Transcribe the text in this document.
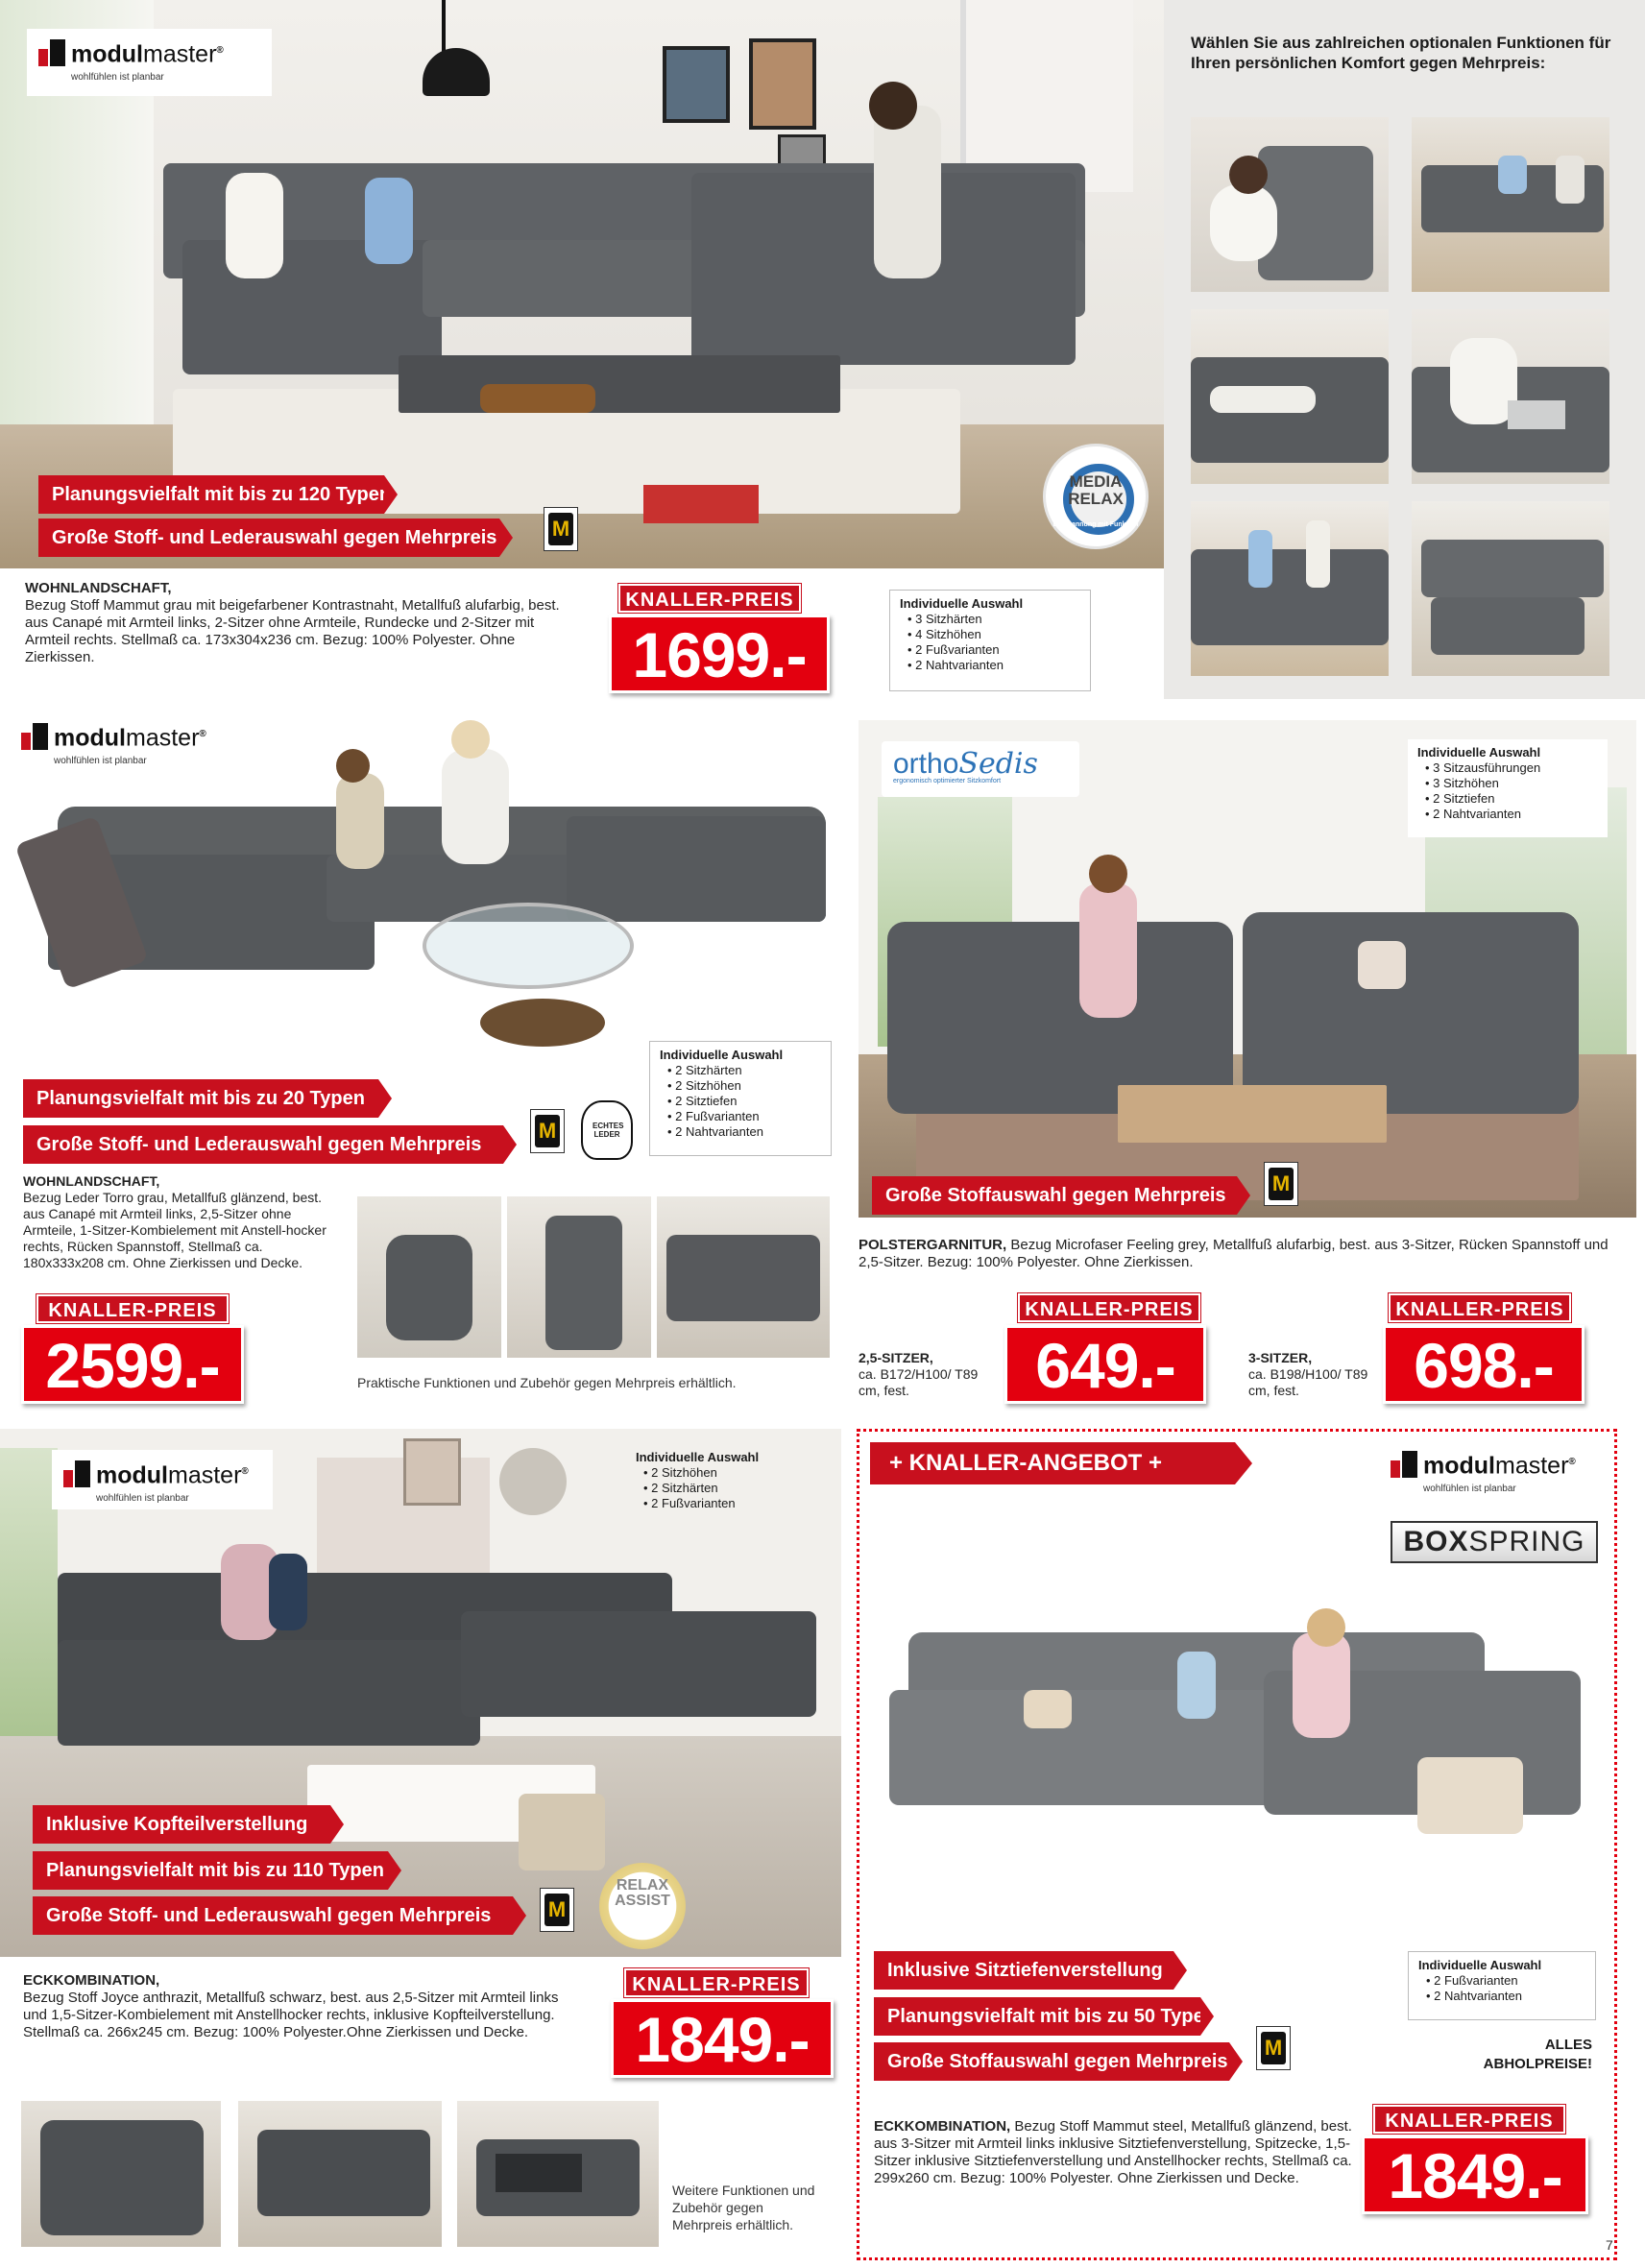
modulmaster®
wohlfühlen ist planbar
Planungsvielfalt mit bis zu 120 Typen
Große Stoff- und Lederauswahl gegen Mehrpreis	M
MEDIA
RELAX
Entspannung mit Funktion
WOHNLANDSCHAFT,
Bezug Stoff Mammut grau mit beigefarbener Kontrastnaht, Metallfuß alufarbig, best. aus Canapé mit Armteil links, 2-Sitzer ohne Armteile, Rundecke und 2-Sitzer mit Armteil rechts. Stellmaß ca. 173x304x236 cm. Bezug: 100% Polyester. Ohne Zierkissen.
KNALLER-PREIS
1699.-
Individuelle Auswahl
• 3 Sitzhärten
• 4 Sitzhöhen
• 2 Fußvarianten
• 2 Nahtvarianten
Wählen Sie aus zahlreichen optionalen Funktionen für Ihren persönlichen Komfort gegen Mehrpreis:
modulmaster®
wohlfühlen ist planbar
Individuelle Auswahl
• 2 Sitzhärten
• 2 Sitzhöhen
• 2 Sitztiefen
• 2 Fußvarianten
• 2 Nahtvarianten
Planungsvielfalt mit bis zu 20 Typen
Große Stoff- und Lederauswahl gegen Mehrpreis
M	ECHTES LEDER
WOHNLANDSCHAFT,
Bezug Leder Torro grau, Metallfuß glänzend, best. aus Canapé mit Armteil links, 2,5-Sitzer ohne Armteile, 1-Sitzer-Kombielement mit Anstell-hocker rechts, Rücken Spannstoff, Stellmaß ca. 180x333x208 cm. Ohne Zierkissen und Decke.
KNALLER-PREIS
2599.-	Praktische Funktionen und Zubehör gegen Mehrpreis erhältlich.
orthoSedis
ergonomisch optimierter Sitzkomfort
Individuelle Auswahl
• 3 Sitzausführungen
• 3 Sitzhöhen
• 2 Sitztiefen
• 2 Nahtvarianten
Große Stoffauswahl gegen Mehrpreis	M
POLSTERGARNITUR, Bezug Microfaser Feeling grey, Metallfuß alufarbig, best. aus 3-Sitzer, Rücken Spannstoff und 2,5-Sitzer. Bezug: 100% Polyester. Ohne Zierkissen.
2,5-SITZER,
ca. B172/H100/ T89 cm, fest.
KNALLER-PREIS
649.-	3-SITZER,
ca. B198/H100/ T89 cm, fest.
KNALLER-PREIS
698.-
modulmaster®
wohlfühlen ist planbar
Individuelle Auswahl
• 2 Sitzhöhen
• 2 Sitzhärten
• 2 Fußvarianten
Inklusive Kopfteilverstellung
Planungsvielfalt mit bis zu 110 Typen
Große Stoff- und Lederauswahl gegen Mehrpreis	M
RELAX
ASSIST
ECKKOMBINATION,
Bezug Stoff Joyce anthrazit, Metallfuß schwarz, best. aus 2,5-Sitzer mit Armteil links und 1,5-Sitzer-Kombielement mit Anstellhocker rechts, inklusive Kopfteilverstellung. Stellmaß ca. 266x245 cm. Bezug: 100% Polyester.Ohne Zierkissen und Decke.
KNALLER-PREIS
1849.-
Weitere Funktionen und Zubehör gegen Mehrpreis erhältlich.
+ KNALLER-ANGEBOT +	modulmaster®
wohlfühlen ist planbar
BOXSPRING
Inklusive Sitztiefenverstellung
Planungsvielfalt mit bis zu 50 Typen
Große Stoffauswahl gegen Mehrpreis
M
Individuelle Auswahl
• 2 Fußvarianten
• 2 Nahtvarianten
ALLES ABHOLPREISE!
ECKKOMBINATION, Bezug Stoff Mammut steel, Metallfuß glänzend, best. aus 3-Sitzer mit Armteil links inklusive Sitztiefenverstellung, Spitzecke, 1,5-Sitzer inklusive Sitztiefenverstellung und Anstellhocker rechts, Stellmaß ca. 299x260 cm. Bezug: 100% Polyester. Ohne Zierkissen und Decke.
KNALLER-PREIS
1849.-
7
